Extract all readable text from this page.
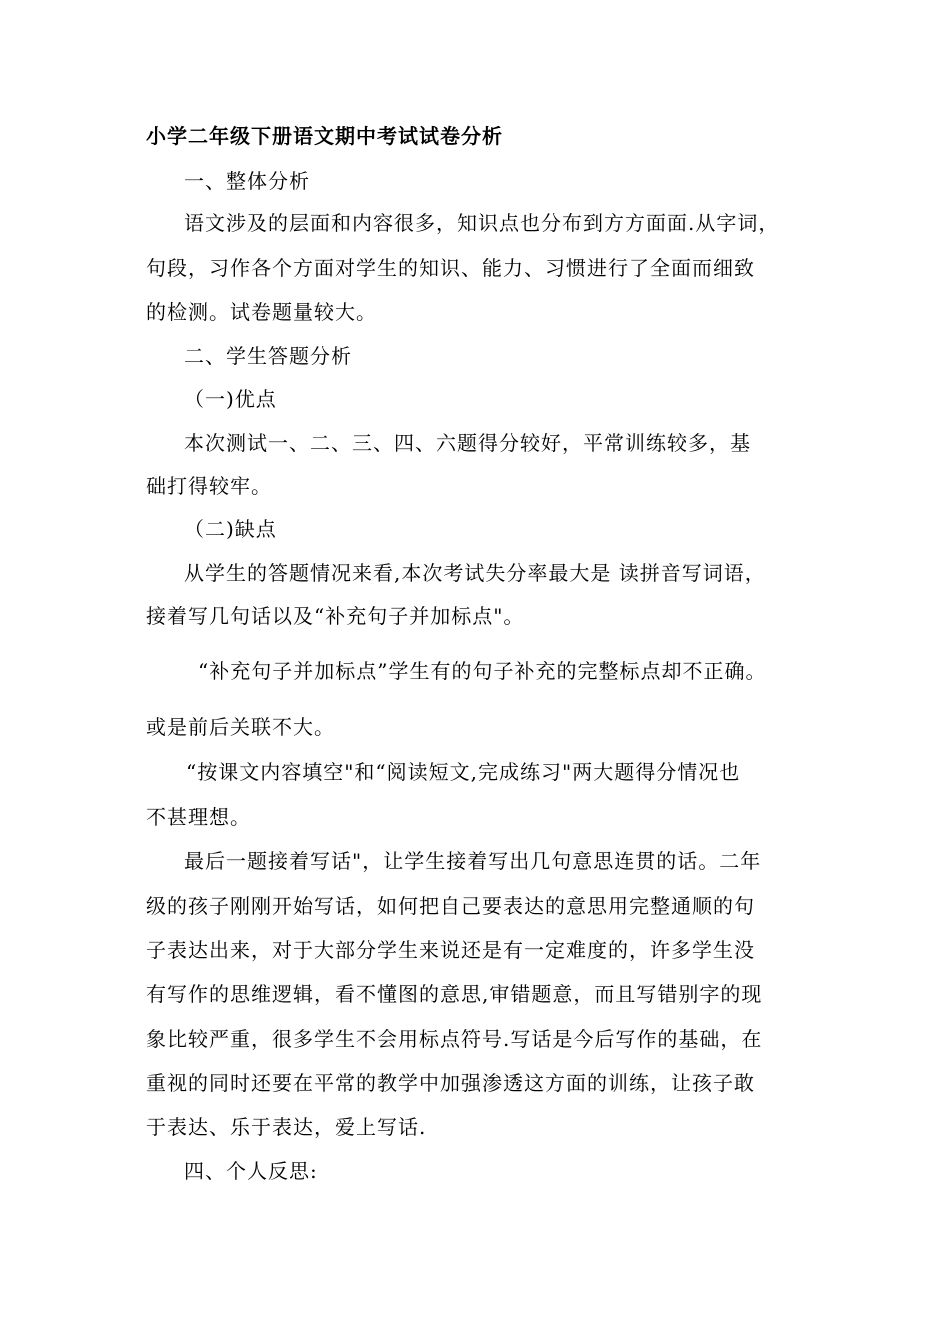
小学二年级下册语文期中考试试卷分析
一、整体分析
语文涉及的层面和内容很多，知识点也分布到方方面面.从字词，
句段，习作各个方面对学生的知识、能力、习惯进行了全面而细致
的检测。试卷题量较大。
二、学生答题分析
（一)优点
本次测试一、二、三、四、六题得分较好，平常训练较多，基
础打得较牢。
（二)缺点
从学生的答题情况来看,本次考试失分率最大是 读拼音写词语，
接着写几句话以及“补充句子并加标点"。
“补充句子并加标点”学生有的句子补充的完整标点却不正确。
或是前后关联不大。
“按课文内容填空"和“阅读短文,完成练习"两大题得分情况也
不甚理想。
最后一题接着写话"，让学生接着写出几句意思连贯的话。二年
级的孩子刚刚开始写话，如何把自己要表达的意思用完整通顺的句
子表达出来，对于大部分学生来说还是有一定难度的，许多学生没
有写作的思维逻辑，看不懂图的意思,审错题意，而且写错别字的现
象比较严重，很多学生不会用标点符号.写话是今后写作的基础，在
重视的同时还要在平常的教学中加强渗透这方面的训练，让孩子敢
于表达、乐于表达，爱上写话.
四、个人反思:
